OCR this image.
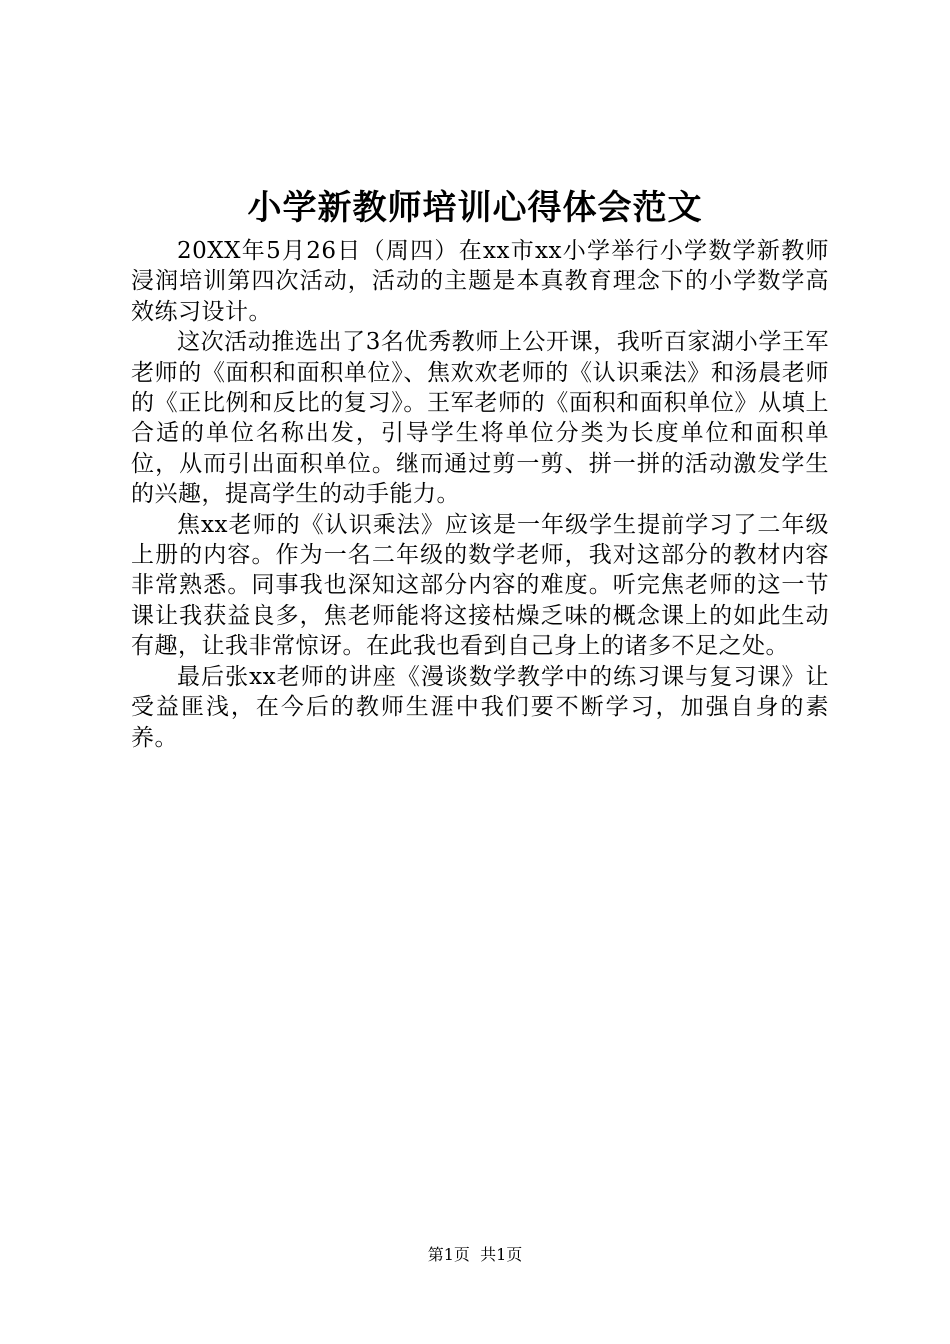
小学新教师培训心得体会范文

20XX年5月26日（周四）在xx市xx小学举行小学数学新教师浸润培训第四次活动，活动的主题是本真教育理念下的小学数学高效练习设计。

这次活动推选出了3名优秀教师上公开课，我听百家湖小学王军老师的《面积和面积单位》、焦欢欢老师的《认识乘法》和汤晨老师的《正比例和反比的复习》。王军老师的《面积和面积单位》从填上合适的单位名称出发，引导学生将单位分类为长度单位和面积单位，从而引出面积单位。继而通过剪一剪、拼一拼的活动激发学生的兴趣，提高学生的动手能力。

焦xx老师的《认识乘法》应该是一年级学生提前学习了二年级上册的内容。作为一名二年级的数学老师，我对这部分的教材内容非常熟悉。同事我也深知这部分内容的难度。听完焦老师的这一节课让我获益良多，焦老师能将这接枯燥乏味的概念课上的如此生动有趣，让我非常惊讶。在此我也看到自己身上的诸多不足之处。

最后张xx老师的讲座《漫谈数学教学中的练习课与复习课》让受益匪浅，在今后的教师生涯中我们要不断学习，加强自身的素养。

第1页 共1页
